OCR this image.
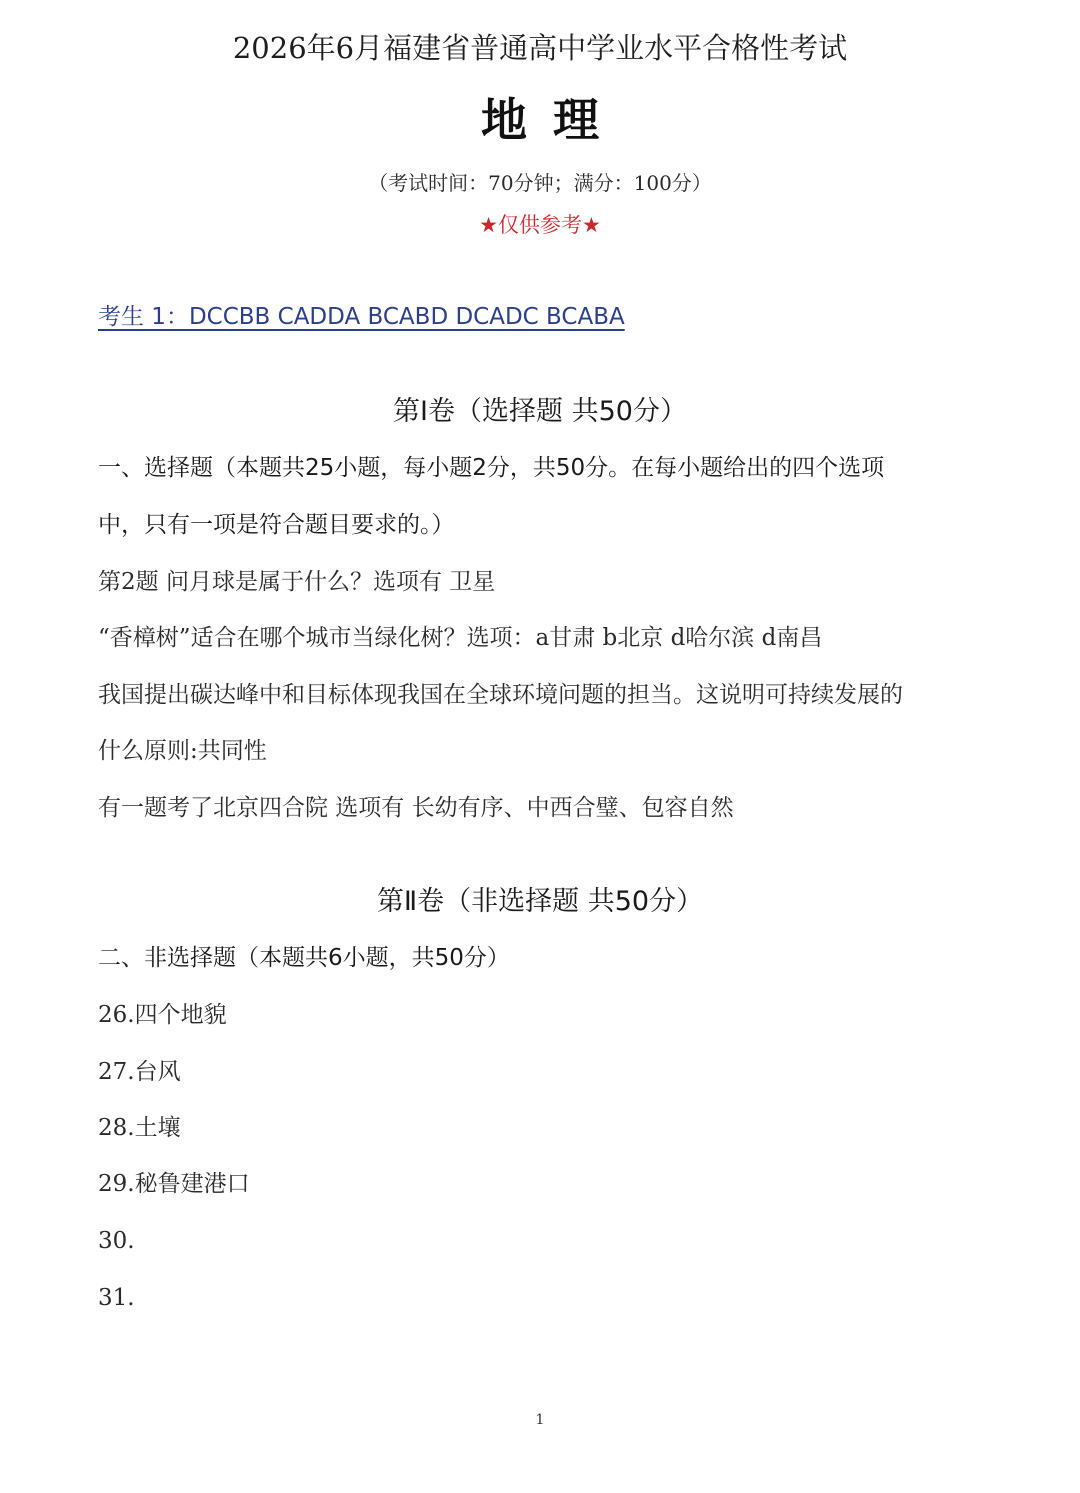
2026年6月福建省普通高中学业水平合格性考试
地理
（考试时间：70分钟；满分：100分）
★仅供参考★
考生 1：DCCBB CADDA BCABD DCADC BCABA
第Ⅰ卷（选择题 共50分）
一、选择题（本题共25小题，每小题2分，共50分。在每小题给出的四个选项
中，只有一项是符合题目要求的。）
第2题 问月球是属于什么？选项有 卫星
“香樟树”适合在哪个城市当绿化树？选项：a甘肃 b北京 d哈尔滨 d南昌
我国提出碳达峰中和目标体现我国在全球环境问题的担当。这说明可持续发展的
什么原则:共同性
有一题考了北京四合院 选项有 长幼有序、中西合璧、包容自然
第Ⅱ卷（非选择题 共50分）
二、非选择题（本题共6小题，共50分）
26.四个地貌
27.台风
28.土壤
29.秘鲁建港口
30.
31.
1
